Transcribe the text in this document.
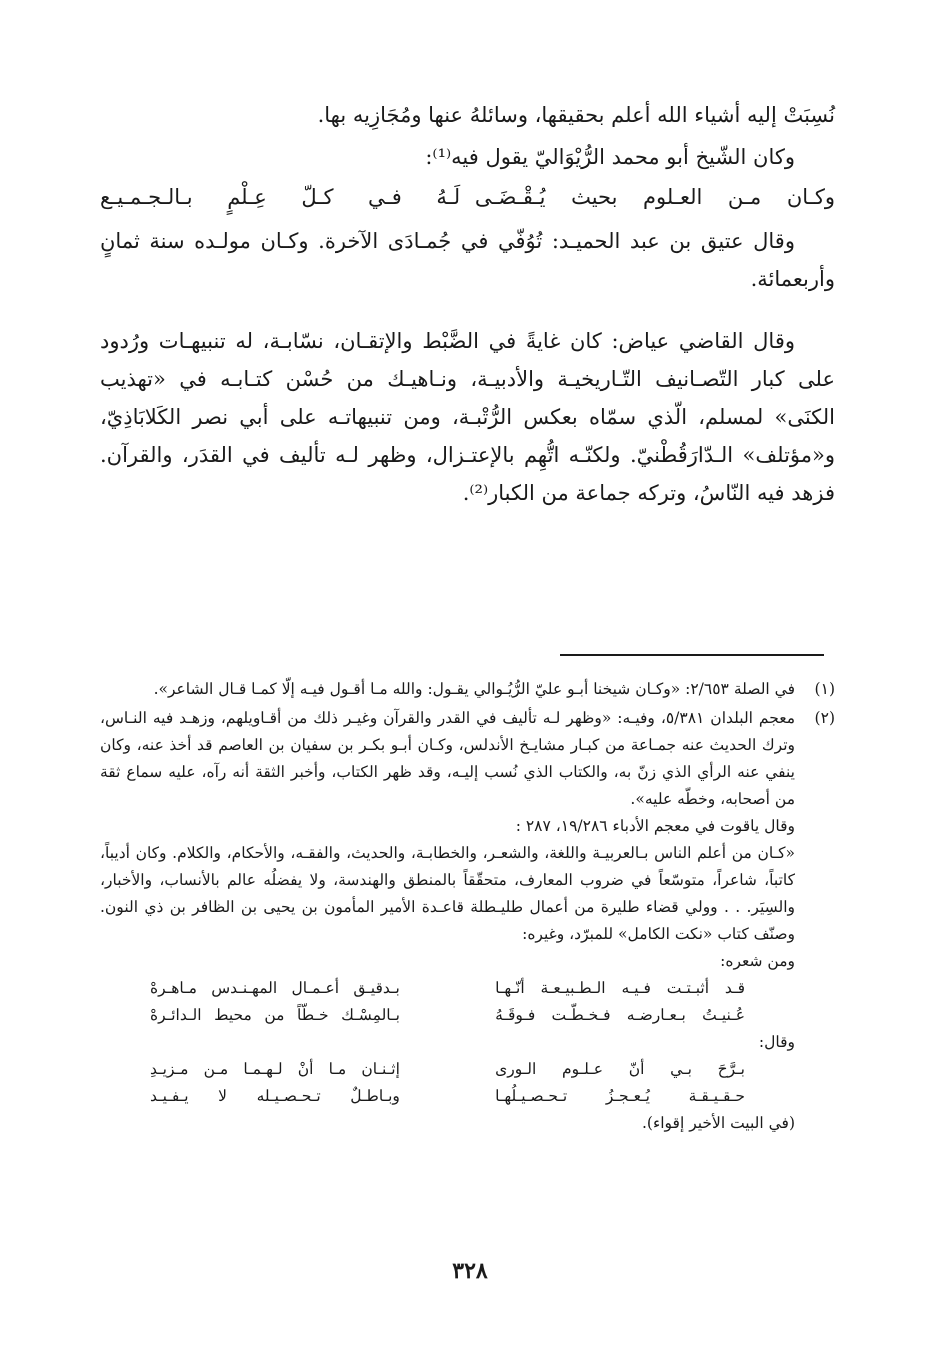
نُسِبَتْ إليه أشياء الله أعلم بحقيقها، وسائلهُ عنها ومُجَازِيه بها.

وكان الشّيخ أبو محمد الرُّيْوَاليّ يقول فيه⁽¹⁾:

وكـان مـن العـلوم بحيث يُـقْـضَـى
لَـهُ فـي كـلّ عِـلْمٍ بـالـجـمـيـع

وقال عتيق بن عبد الحميـد: تُوُفّي في جُمـادَى الآخرة. وكـان مولـده سنة ثمانٍ وأربعمائة.

وقال القاضي عياض: كان غايةً في الضَّبْط والإتقـان، نسّابـة، له تنبيهـات ورُدود على كبار التّصـانيف التّـاريخيـة والأدبيـة، ونـاهيـك من حُسْن كتـابـه في «تهذيب الكنَى» لمسلم، الّذي سمّاه بعكس الرُّتْبـة، ومن تنبيهاتـه على أبي نصر الكَلابَاذِيّ، و«مؤتلف» الـدّارَقُطْنيّ. ولكنّـه اتُّهِم بالإعتـزال، وظهر لـه تأليف في القدَر، والقرآن. فزهد فيه النّاسُ، وتركه جماعة من الكبار⁽²⁾.

(١)
في الصلة ٢/٦٥٣: «وكـان شيخنا أبـو عليّ الرُّيُـوالي يقـول: والله مـا أقـول فيـه إلّا كمـا قـال الشاعر».
(٢)
معجم البلدان ٥/٣٨١، وفيـه: «وظهر لـه تأليف في القدر والقرآن وغيـر ذلك من أقـاويلهم، وزهـد فيه النـاس، وترك الحديث عنه جمـاعة من كبـار مشايـخ الأندلس، وكـان أبـو بكـر بن سفيان بن العاصم قد أخذ عنه، وكان ينفي عنه الرأي الذي زنّ به، والكتاب الذي نُسب إليـه، وقد ظهر الكتاب، وأخبر الثقة أنه رآه، عليه سماع ثقة من أصحابه، وخطّه عليه».
وقال ياقوت في معجم الأدباء ١٩/٢٨٦، ٢٨٧ :
«كـان من أعلم الناس بـالعربيـة واللغة، والشعـر، والخطابـة، والحديث، والفقـه، والأحكام، والكلام. وكان أديباً، كاتباً، شاعراً، متوسّعاً في ضروب المعارف، متحقّقاً بالمنطق والهندسة، ولا يفضلُه عالم بالأنساب، والأخبار، والسِيَر. . . وولي قضاء طليرة من أعمال طليـطلة قاعـدة الأمير المأمون بن يحيى بن الظافر بن ذي النون. وصنّف كتاب «نكت الكامل» للمبرّد، وغيره:
ومن شعره:
قـد أثبـتـت فـيـه الـطـبيـعـة أنّـهـا
بـدقيـق أعـمـال المهـنـدس مـاهـرهْ
عُـنيـتُ بـعـارضـه فـخـطّـت فـوقَـهُ
بـالمِسْـك خـطّاً من محيط الـدائـرهْ
وقال:
بـرَّحَ بـي أنّ عـلـوم الـورى
إثـنـان مـا أنْ لـهـمـا مـن مـزيـدِ
حـقـيـقـة يُـعـجـزُ تـحـصـيـلُهـا
وبـاطـلٌ تـحـصـيـله لا يـفـيـد
(في البيت الأخير إقواء).
٣٢٨
